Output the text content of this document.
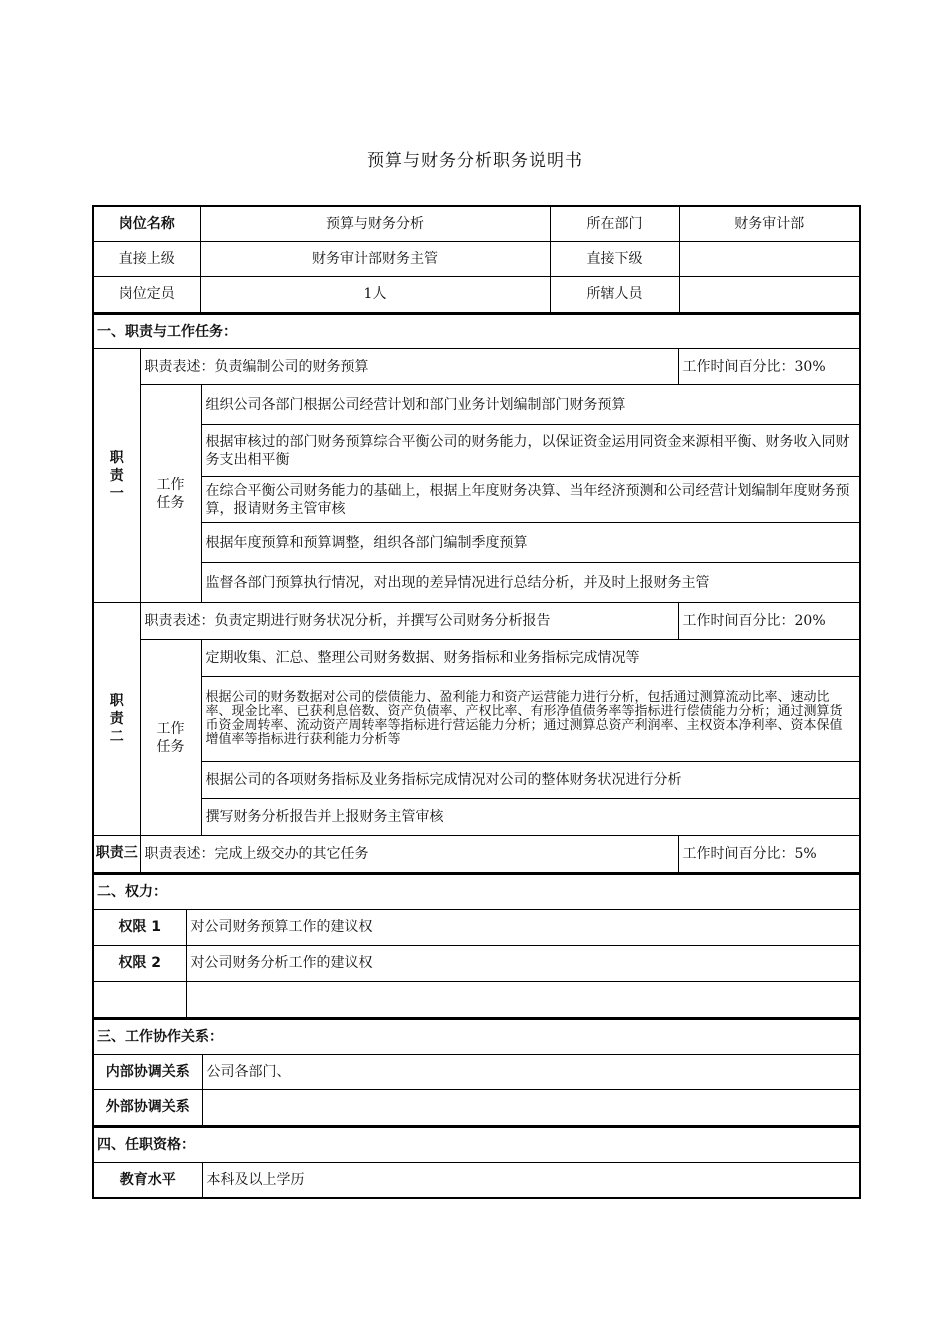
预算与财务分析职务说明书
岗位名称	预算与财务分析	所在部门	财务审计部
直接上级	财务审计部财务主管	直接下级	
岗位定员	1人	所辖人员	
一、职责与工作任务：			

职责一	职责表述：负责编制公司的财务预算		工作时间百分比：30%

	工作任务	组织公司各部门根据公司经营计划和部门业务计划编制部门财务预算	
		根据审核过的部门财务预算综合平衡公司的财务能力，以保证资金运用同资金来源相平衡、财务收入同财务支出相平衡	
		在综合平衡公司财务能力的基础上，根据上年度财务决算、当年经济预测和公司经营计划编制年度财务预算，报请财务主管审核	
		根据年度预算和预算调整，组织各部门编制季度预算	
		监督各部门预算执行情况，对出现的差异情况进行总结分析，并及时上报财务主管	

职责二	职责表述：负责定期进行财务状况分析，并撰写公司财务分析报告		工作时间百分比：20%

	工作任务	定期收集、汇总、整理公司财务数据、财务指标和业务指标完成情况等	
		根据公司的财务数据对公司的偿债能力、盈利能力和资产运营能力进行分析，包括通过测算流动比率、速动比率、现金比率、已获利息倍数、资产负债率、产权比率、有形净值债务率等指标进行偿债能力分析；通过测算货币资金周转率、流动资产周转率等指标进行营运能力分析；通过测算总资产利润率、主权资本净利率、资本保值增值率等指标进行获利能力分析等	
		根据公司的各项财务指标及业务指标完成情况对公司的整体财务状况进行分析	
		撰写财务分析报告并上报财务主管审核	
职责三	职责表述：完成上级交办的其它任务		工作时间百分比：5%
二、权力：	
权限 1	对公司财务预算工作的建议权
权限 2	对公司财务分析工作的建议权

三、工作协作关系：	
内部协调关系	公司各部门、
外部协调关系	
四、任职资格：
教育水平	本科及以上学历
